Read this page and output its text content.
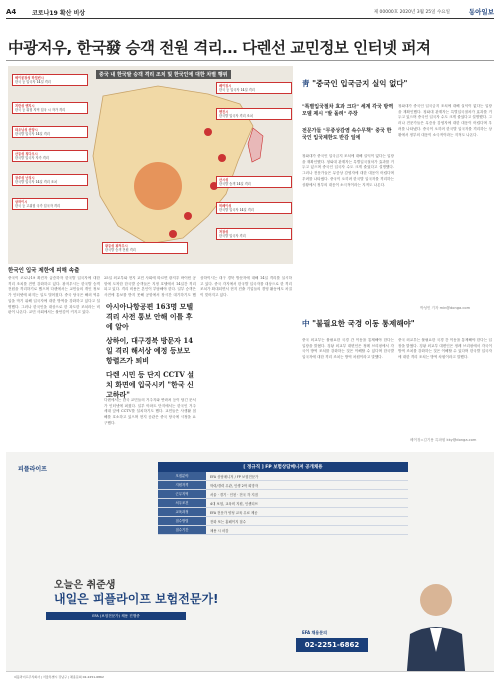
A4	코로나19 확산 비상	제 00000호 2020년 3월 25일 수요일	동아일보
中광저우, 한국發 승객 전원 격리… 다렌선 교민정보 인터넷 퍼져
중국 내 한국발 승객 격리 조치 및 한국인에 대한 차별 행위
헤이룽장성 하얼빈시
한국 등 입국자 14일 격리
지린성 옌지시
한국 등 위험 지역 입국 시 자가 격리
랴오닝성 선양시
한국발 입국자 14일 격리
산둥성 칭다오시
한국발 입국자 자가 격리
장쑤성 난징시
한국발 입국자 14일 격리 조치
상하이시
한국 등 고위험 국가 입국자 격리
광둥성 광저우시
한국발 승객 전원 격리
베이징시
한국 등 입국자 14일 격리
톈진시
한국발 입국자 격리 조치
산시성
한국발 승객 14일 격리
허베이성
한국발 입국자 14일 격리
저장성
한국발 입국자 격리
한국인 입국 제한에 피해 속출
중국이 코로나19 확진자 급증하자 한국발 입국자에 대한 격리 조치를 전면 강화하고 있다. 광저우시는 한국발 승객 전원을 격리하기로 했으며 다렌에서는 교민들의 개인 정보가 인터넷에 퍼지는 일도 벌어졌다. 중국 당국은 해외 역유입을 막기 위해 입국자에 대한 방역을 강화하고 있다고 설명했다. 그러나 한국인을 대상으로 한 과도한 조치라는 비판이 나온다. 교민 사회에서는 불안감이 커지고 있다.
25일 외교부와 현지 교민 사회에 따르면 광저우 바이윈 공항에 도착한 한국발 승객들은 지정 호텔에서 14일간 격리되고 있다. 격리 비용은 본인이 부담해야 한다. 일부 승객은 사전에 통보를 받지 못해 공항에서 장시간 대기하기도 했
아시아나항공편 163명 모텔 격리 사전 통보 안해 이틀 후에 알아
상하이, 대구경북 방문자 14일 격리 해서상 예정 등보모 항렬즈가 퇴비
다렌 시민 등 단지 CCTV 설치 화면에 입국시키 "한국 신고하라"
다렌에서는 한국 교민들의 거주지와 연락처 등이 담긴 문서가 인터넷에 퍼졌다. 일부 아파트 단지에서는 한국인 거주 세대 앞에 CCTV를 설치하기도 했다. 교민들은 사생활 침해를 호소하고 있으며 현지 공관은 중국 당국에 시정을 요구했다.
상하이시는 대구 경북 방문자에 대해 14일 격리를 실시하고 있다. 중국 각지에서 한국발 입국자를 대상으로 한 격리 조치가 확대되면서 현지 진출 기업들의 경영 활동에도 차질이 빚어지고 있다.
靑 "중국인 입국금지 실익 없다"
"특별입국절차 효과 크다" 세계 각국 방역 모델 제시 "발 돌려" 주장
전문가들 "무증상감염 속수무책" 중국 한국인 입국제한도 반감 일에
청와대가 중국인 입국금지 조치에 대해 실익이 없다는 입장을 재확인했다. 청와대 관계자는 특별입국절차가 효과를 거두고 있으며 중국인 입국자 수도 크게 줄었다고 설명했다. 그러나 전문가들은 무증상 감염자에 대한 대응이 어렵다며 우려를 나타냈다. 중국이 오히려 한국발 입국자를 격리하는 상황에서 정부의 대응이 소극적이라는 지적도 나온다.
청와대가 중국인 입국금지 조치에 대해 실익이 없다는 입장을 재확인했다. 청와대 관계자는 특별입국절차가 효과를 거두고 있으며 중국인 입국자 수도 크게 줄었다고 설명했다. 그러나 전문가들은 무증상 감염자에 대한 대응이 어렵다며 우려를 나타냈다. 중국이 오히려 한국발 입국자를 격리하는 상황에서 정부의 대응이 소극적이라는 지적도 나온다.
박성민 기자 min@donga.com
中 "불필요한 국경 이동 통제해야"
중국 외교부는 불필요한 국경 간 이동을 통제해야 한다는 입장을 밝혔다. 겅솽 외교부 대변인은 정례 브리핑에서 각국이 방역 조치를 강화하는 것은 이해할 수 있다며 한국발 입국자에 대한 격리 조치는 방역 차원이라고 말했다.
중국 외교부는 불필요한 국경 간 이동을 통제해야 한다는 입장을 밝혔다. 겅솽 외교부 대변인은 정례 브리핑에서 각국이 방역 조치를 강화하는 것은 이해할 수 있다며 한국발 입국자에 대한 격리 조치는 방역 차원이라고 말했다.
베이징=김기용 특파원 kky@donga.com
피플라이프	[ 정규직 ] FP 보험상담매니저 공개채용
모집분야	EFA 상담매니저 / FP 보험전문가
지원자격	학력/경력 무관, 인생 2막 희망자
근무지역	서울 · 경기 · 인천 · 전국 각 지점
처우조건	4대 보험, 교육비 지원, 인센티브
교육과정	EFA 전문가 양성 교육 무료 제공
접수방법	전화 또는 홈페이지 접수
접수기간	채용 시 마감
오늘은 취준생
내일은 피플라이프 보험전문가!
EFA (보험전문가) 채용 진행중
EFA 채용문의
02-2251-6862
피플라이프주식회사 | 서울특별시 강남구 | 채용문의 02-2251-6862
